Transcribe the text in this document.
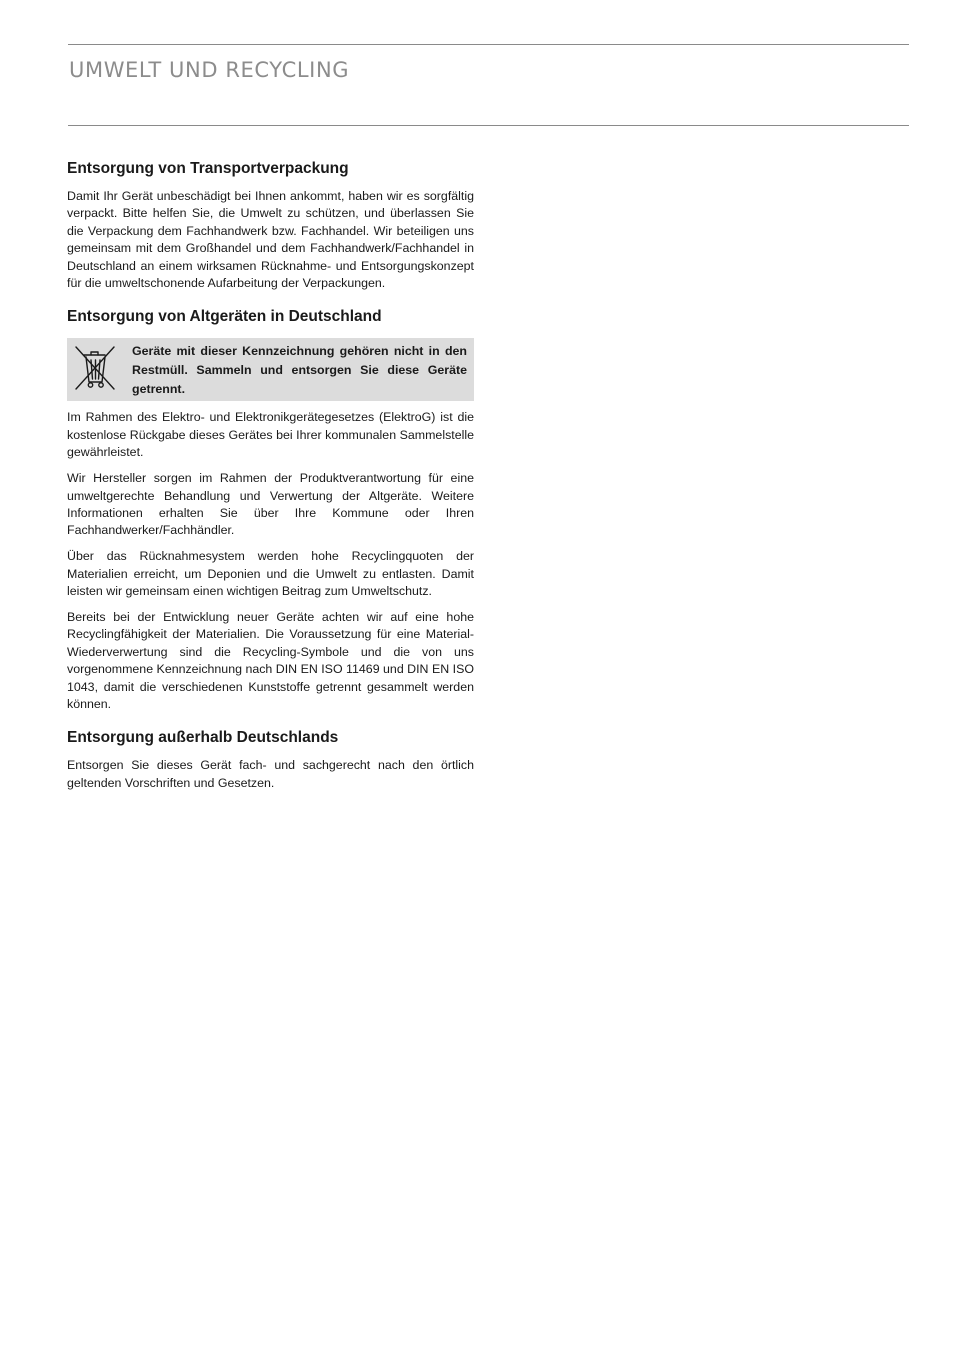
UMWELT UND RECYCLING
Entsorgung von Transportverpackung

Damit Ihr Gerät unbeschädigt bei Ihnen ankommt, haben wir es sorgfältig verpackt. Bitte helfen Sie, die Umwelt zu schützen, und überlassen Sie die Verpackung dem Fachhandwerk bzw. Fachhandel. Wir beteiligen uns gemeinsam mit dem Großhandel und dem Fachhandwerk/Fachhandel in Deutschland an einem wirksamen Rücknahme- und Entsorgungskonzept für die umweltschonende Aufarbeitung der Verpackungen.

Entsorgung von Altgeräten in Deutschland

Geräte mit dieser Kennzeichnung gehören nicht in den Restmüll. Sammeln und entsorgen Sie diese Geräte getrennt.

Im Rahmen des Elektro- und Elektronikgerätegesetzes (ElektroG) ist die kostenlose Rückgabe dieses Gerätes bei Ihrer kommunalen Sammelstelle gewährleistet.

Wir Hersteller sorgen im Rahmen der Produktverantwortung für eine umweltgerechte Behandlung und Verwertung der Altgeräte. Weitere Informationen erhalten Sie über Ihre Kommune oder Ihren Fachhandwerker/Fachhändler.

Über das Rücknahmesystem werden hohe Recyclingquoten der Materialien erreicht, um Deponien und die Umwelt zu entlasten. Damit leisten wir gemeinsam einen wichtigen Beitrag zum Umweltschutz.

Bereits bei der Entwicklung neuer Geräte achten wir auf eine hohe Recyclingfähigkeit der Materialien. Die Voraussetzung für eine Material-Wiederverwertung sind die Recycling-Symbole und die von uns vorgenommene Kennzeichnung nach DIN EN ISO 11469 und DIN EN ISO 1043, damit die verschiedenen Kunststoffe getrennt gesammelt werden können.

Entsorgung außerhalb Deutschlands

Entsorgen Sie dieses Gerät fach- und sachgerecht nach den örtlich geltenden Vorschriften und Gesetzen.
